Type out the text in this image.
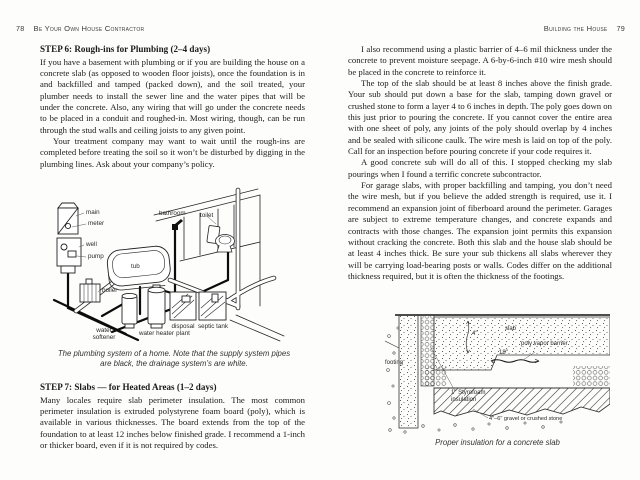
78 Be Your Own House Contractor
STEP 6: Rough-ins for Plumbing (2–4 days)

If you have a basement with plumbing or if you are building the house on a concrete slab (as opposed to wooden floor joists), once the foundation is in and backfilled and tamped (packed down), and the soil treated, your plumber needs to install the sewer line and the water pipes that will be under the concrete. Also, any wiring that will go under the concrete needs to be placed in a conduit and roughed-in. Most wiring, though, can be run through the stud walls and ceiling joists to any given point.

Your treatment company may want to wait until the rough-ins are completed before treating the soil so it won’t be disturbed by digging in the plumbing lines. Ask about your company’s policy.

main
meter
well
pump
bathroom toilet
tub
boiler
water softener
water heater
disposal plant
septic tank
The plumbing system of a home. Note that the supply system pipes are black, the drainage system’s are white.
STEP 7: Slabs — for Heated Areas (1–2 days)

Many locales require slab perimeter insulation. The most common perimeter insulation is extruded polystyrene foam board (poly), which is available in various thicknesses. The board extends from the top of the foundation to at least 12 inches below finished grade. I recommend a 1-inch or thicker board, even if it is not required by codes.

Building the House 79

I also recommend using a plastic barrier of 4–6 mil thickness under the concrete to prevent moisture seepage. A 6-by-6-inch #10 wire mesh should be placed in the concrete to reinforce it.

The top of the slab should be at least 8 inches above the finish grade. Your sub should put down a base for the slab, tamping down gravel or crushed stone to form a layer 4 to 6 inches in depth. The poly goes down on this just prior to pouring the concrete. If you cannot cover the entire area with one sheet of poly, any joints of the poly should overlap by 4 inches and be sealed with silicone caulk. The wire mesh is laid on top of the poly. Call for an inspection before pouring concrete if your code requires it.

A good concrete sub will do all of this. I stopped checking my slab pourings when I found a terrific concrete subcontractor.

For garage slabs, with proper backfilling and tamping, you don’t need the wire mesh, but if you believe the added strength is required, use it. I recommend an expansion joint of fiberboard around the perimeter. Garages are subject to extreme temperature changes, and concrete expands and contracts with those changes. The expansion joint permits this expansion without cracking the concrete. Both this slab and the house slab should be at least 4 inches thick. Be sure your sub thickens all slabs wherever they will be carrying load-bearing posts or walls. Codes differ on the additional thickness required, but it is often the thickness of the footings.

slab
4"
18"
poly vapor barrier
footing
1" Styrofoam insulation
4"–6" gravel or crushed stone
Proper insulation for a concrete slab
